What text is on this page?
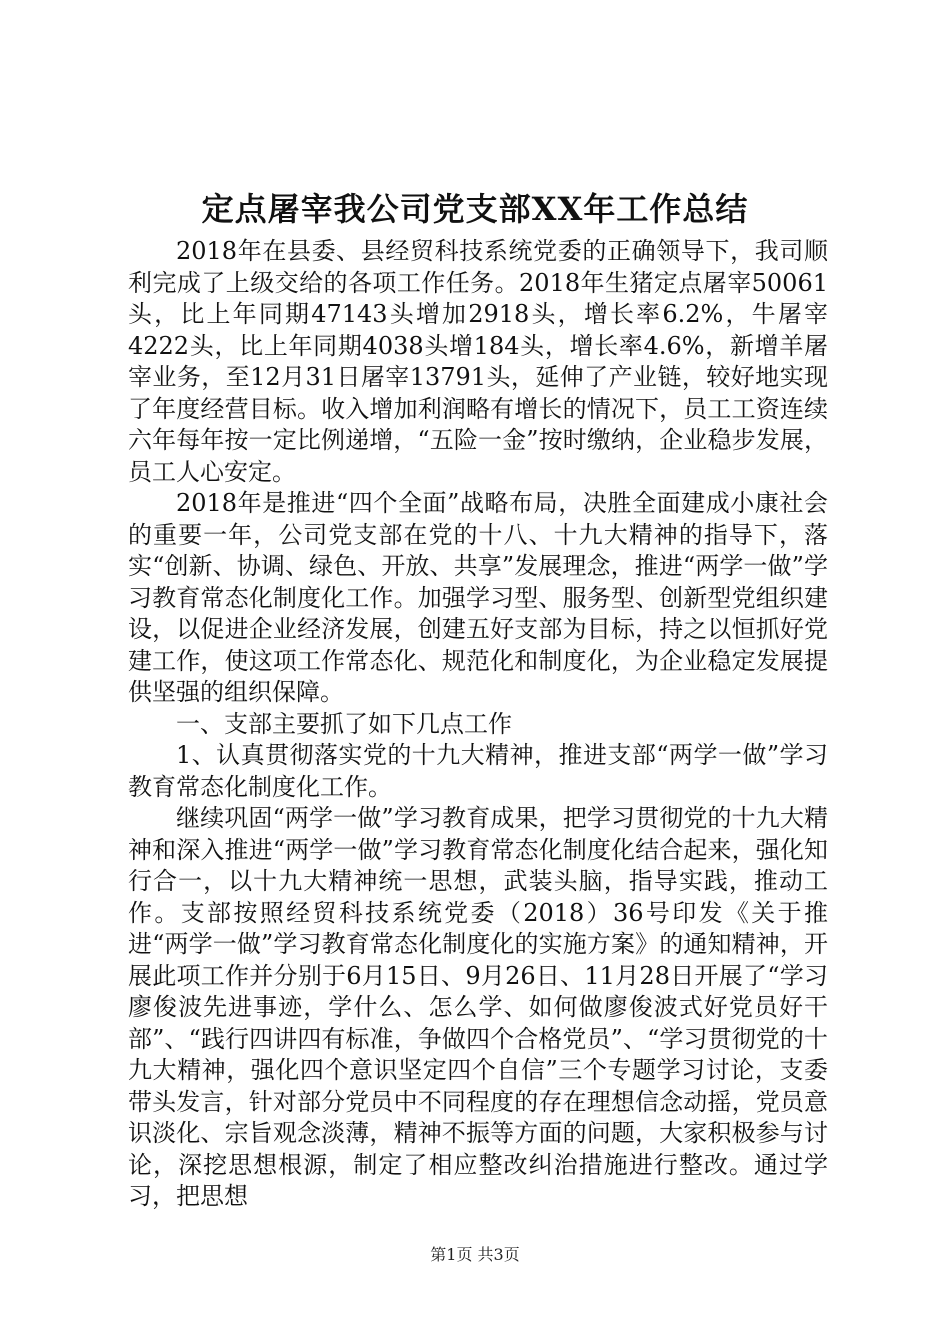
定点屠宰我公司党支部XX年工作总结

2018年在县委、县经贸科技系统党委的正确领导下，我司顺利完成了上级交给的各项工作任务。2018年生猪定点屠宰50061头，比上年同期47143头增加2918头，增长率6.2%，牛屠宰4222头，比上年同期4038头增184头，增长率4.6%，新增羊屠宰业务，至12月31日屠宰13791头，延伸了产业链，较好地实现了年度经营目标。收入增加利润略有增长的情况下，员工工资连续六年每年按一定比例递增，“五险一金”按时缴纳，企业稳步发展，员工人心安定。

2018年是推进“四个全面”战略布局，决胜全面建成小康社会的重要一年，公司党支部在党的十八、十九大精神的指导下，落实“创新、协调、绿色、开放、共享”发展理念，推进“两学一做”学习教育常态化制度化工作。加强学习型、服务型、创新型党组织建设，以促进企业经济发展，创建五好支部为目标，持之以恒抓好党建工作，使这项工作常态化、规范化和制度化，为企业稳定发展提供坚强的组织保障。

一、支部主要抓了如下几点工作

1、认真贯彻落实党的十九大精神，推进支部“两学一做”学习教育常态化制度化工作。

继续巩固“两学一做”学习教育成果，把学习贯彻党的十九大精神和深入推进“两学一做”学习教育常态化制度化结合起来，强化知行合一，以十九大精神统一思想，武装头脑，指导实践，推动工作。支部按照经贸科技系统党委（2018）36号印发《关于推进“两学一做”学习教育常态化制度化的实施方案》的通知精神，开展此项工作并分别于6月15日、9月26日、11月28日开展了“学习廖俊波先进事迹，学什么、怎么学、如何做廖俊波式好党员好干部”、“践行四讲四有标准，争做四个合格党员”、“学习贯彻党的十九大精神，强化四个意识坚定四个自信”三个专题学习讨论，支委带头发言，针对部分党员中不同程度的存在理想信念动摇，党员意识淡化、宗旨观念淡薄，精神不振等方面的问题，大家积极参与讨论，深挖思想根源，制定了相应整改纠治措施进行整改。通过学习，把思想

第1页 共3页
